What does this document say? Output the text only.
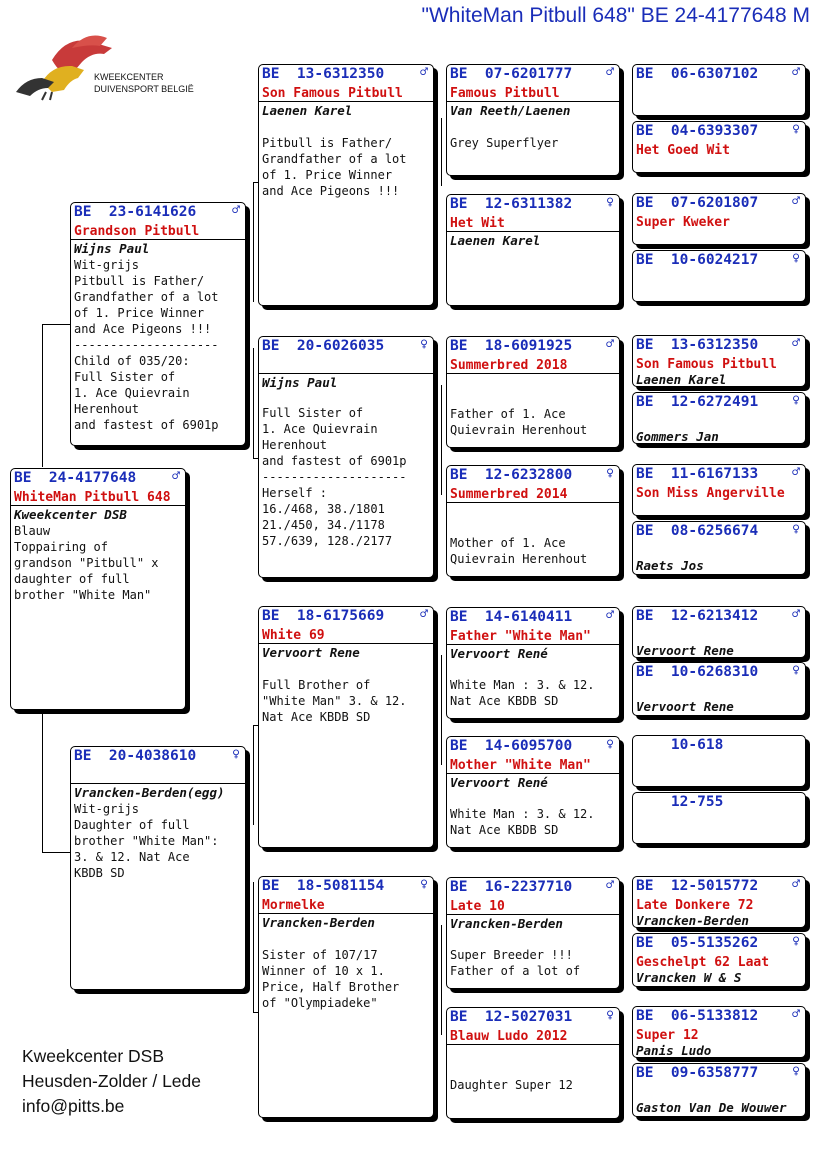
"WhiteMan Pitbull 648" BE 24-4177648 M
KWEEKCENTER
DUIVENSPORT BELGIË
BE  24-4177648	♂
WhiteMan Pitbull 648
Kweekcenter DSB
Blauw
Toppairing of
grandson "Pitbull" x
daughter of full
brother "White Man"
BE  23-6141626	♂
Grandson Pitbull
Wijns Paul
Wit-grijs
Pitbull is Father/
Grandfather of a lot
of 1. Price Winner
and Ace Pigeons !!!
--------------------
Child of 035/20:
Full Sister of
1. Ace Quievrain
Herenhout
and fastest of 6901p
BE  20-4038610	♀
Vrancken-Berden(egg)
Wit-grijs
Daughter of full
brother "White Man":
3. & 12. Nat Ace
KBDB SD
BE  13-6312350	♂
Son Famous Pitbull
Laenen Karel
Pitbull is Father/
Grandfather of a lot
of 1. Price Winner
and Ace Pigeons !!!
BE  20-6026035	♀
Wijns Paul
Full Sister of
1. Ace Quievrain
Herenhout
and fastest of 6901p
--------------------
Herself :
16./468, 38./1801
21./450, 34./1178
57./639, 128./2177
BE  18-6175669	♂
White 69
Vervoort Rene
Full Brother of
"White Man" 3. & 12.
Nat Ace KBDB SD
BE  18-5081154	♀
Mormelke
Vrancken-Berden
Sister of 107/17
Winner of 10 x 1.
Price, Half Brother
of "Olympiadeke"
BE  07-6201777	♂
Famous Pitbull
Van Reeth/Laenen
Grey Superflyer
BE  12-6311382	♀
Het Wit
Laenen Karel
BE  18-6091925	♂
Summerbred 2018
Father of 1. Ace
Quievrain Herenhout
BE  12-6232800	♀
Summerbred 2014
Mother of 1. Ace
Quievrain Herenhout
BE  14-6140411	♂
Father "White Man"
Vervoort René
White Man : 3. & 12.
Nat Ace KBDB SD
BE  14-6095700	♀
Mother "White Man"
Vervoort René
White Man : 3. & 12.
Nat Ace KBDB SD
BE  16-2237710	♂
Late 10
Vrancken-Berden
Super Breeder !!!
Father of a lot of
BE  12-5027031	♀
Blauw Ludo 2012
Daughter Super 12
BE  06-6307102	♂
BE  04-6393307	♀
Het Goed Wit
BE  07-6201807	♂
Super Kweker
BE  10-6024217	♀
BE  13-6312350	♂
Son Famous Pitbull
Laenen Karel
BE  12-6272491	♀
Gommers Jan
BE  11-6167133	♂
Son Miss Angerville
BE  08-6256674	♀
Raets Jos
BE  12-6213412	♂
Vervoort Rene
BE  10-6268310	♀
Vervoort Rene
10-618
12-755
BE  12-5015772	♂
Late Donkere 72
Vrancken-Berden
BE  05-5135262	♀
Geschelpt 62 Laat
Vrancken W & S
BE  06-5133812	♂
Super 12
Panis Ludo
BE  09-6358777	♀
Gaston Van De Wouwer
Kweekcenter DSB
Heusden-Zolder / Lede
info@pitts.be
